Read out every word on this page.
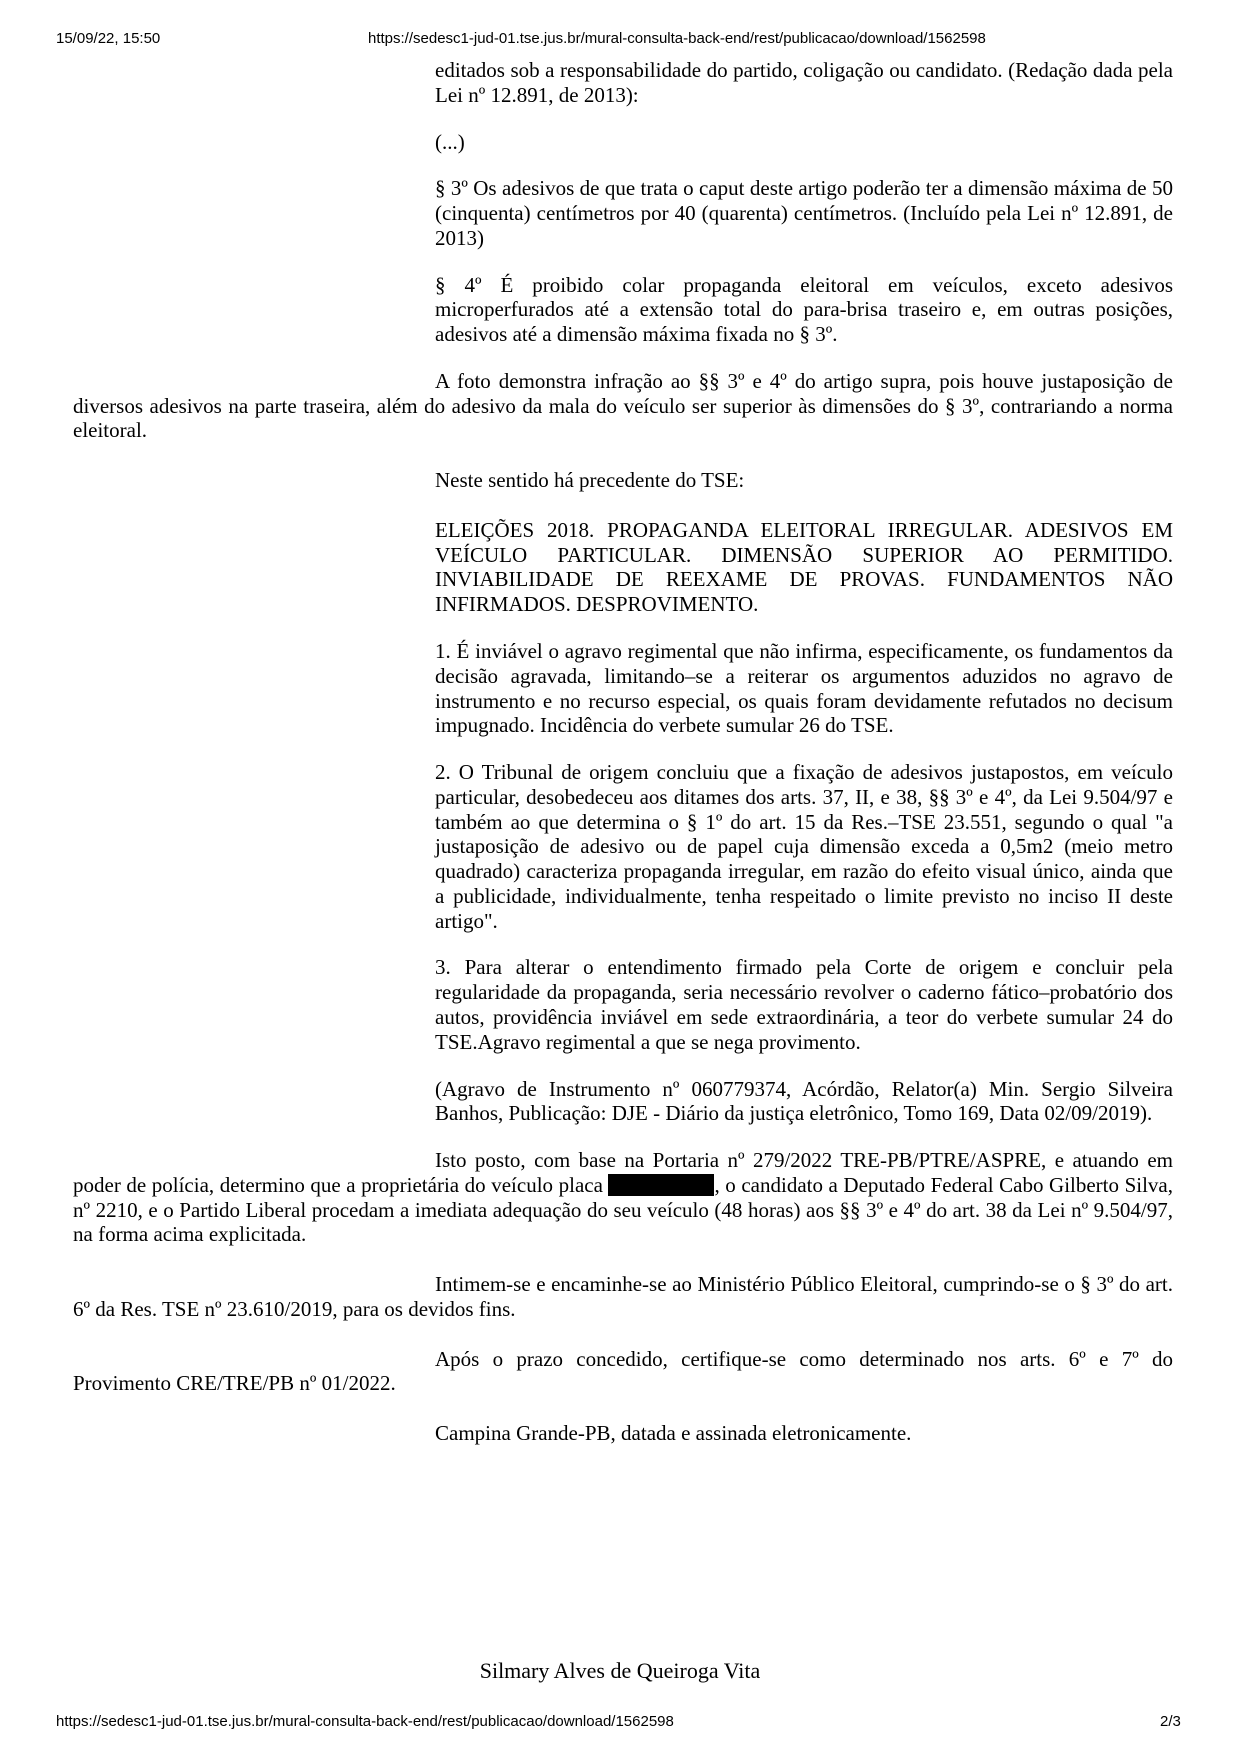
15/09/22, 15:50	https://sedesc1-jud-01.tse.jus.br/mural-consulta-back-end/rest/publicacao/download/1562598

editados sob a responsabilidade do partido, coligação ou candidato. (Redação dada pela Lei nº 12.891, de 2013):

(...)

§ 3º Os adesivos de que trata o caput deste artigo poderão ter a dimensão máxima de 50 (cinquenta) centímetros por 40 (quarenta) centímetros. (Incluído pela Lei nº 12.891, de 2013)

§ 4º É proibido colar propaganda eleitoral em veículos, exceto adesivos microperfurados até a extensão total do para-brisa traseiro e, em outras posições, adesivos até a dimensão máxima fixada no § 3º.

A foto demonstra infração ao §§ 3º e 4º do artigo supra, pois houve justaposição de diversos adesivos na parte traseira, além do adesivo da mala do veículo ser superior às dimensões do § 3º, contrariando a norma eleitoral.

Neste sentido há precedente do TSE:

ELEIÇÕES 2018. PROPAGANDA ELEITORAL IRREGULAR. ADESIVOS EM VEÍCULO PARTICULAR. DIMENSÃO SUPERIOR AO PERMITIDO. INVIABILIDADE DE REEXAME DE PROVAS. FUNDAMENTOS NÃO INFIRMADOS. DESPROVIMENTO.

1. É inviável o agravo regimental que não infirma, especificamente, os fundamentos da decisão agravada, limitando–se a reiterar os argumentos aduzidos no agravo de instrumento e no recurso especial, os quais foram devidamente refutados no decisum impugnado. Incidência do verbete sumular 26 do TSE.

2. O Tribunal de origem concluiu que a fixação de adesivos justapostos, em veículo particular, desobedeceu aos ditames dos arts. 37, II, e 38, §§ 3º e 4º, da Lei 9.504/97 e também ao que determina o § 1º do art. 15 da Res.–TSE 23.551, segundo o qual "a justaposição de adesivo ou de papel cuja dimensão exceda a 0,5m2 (meio metro quadrado) caracteriza propaganda irregular, em razão do efeito visual único, ainda que a publicidade, individualmente, tenha respeitado o limite previsto no inciso II deste artigo".

3. Para alterar o entendimento firmado pela Corte de origem e concluir pela regularidade da propaganda, seria necessário revolver o caderno fático–probatório dos autos, providência inviável em sede extraordinária, a teor do verbete sumular 24 do TSE.Agravo regimental a que se nega provimento.

(Agravo de Instrumento nº 060779374, Acórdão, Relator(a) Min. Sergio Silveira Banhos, Publicação: DJE - Diário da justiça eletrônico, Tomo 169, Data 02/09/2019).

Isto posto, com base na Portaria nº 279/2022 TRE-PB/PTRE/ASPRE, e atuando em poder de polícia, determino que a proprietária do veículo placa	, o candidato a Deputado Federal Cabo Gilberto Silva, nº 2210, e o Partido Liberal procedam a imediata adequação do seu veículo (48 horas) aos §§ 3º e 4º do art. 38 da Lei nº 9.504/97, na forma acima explicitada.

Intimem-se e encaminhe-se ao Ministério Público Eleitoral, cumprindo-se o § 3º do art. 6º da Res. TSE nº 23.610/2019, para os devidos fins.

Após o prazo concedido, certifique-se como determinado nos arts. 6º e 7º do Provimento CRE/TRE/PB nº 01/2022.

Campina Grande-PB, datada e assinada eletronicamente.

Silmary Alves de Queiroga Vita
https://sedesc1-jud-01.tse.jus.br/mural-consulta-back-end/rest/publicacao/download/1562598	2/3
